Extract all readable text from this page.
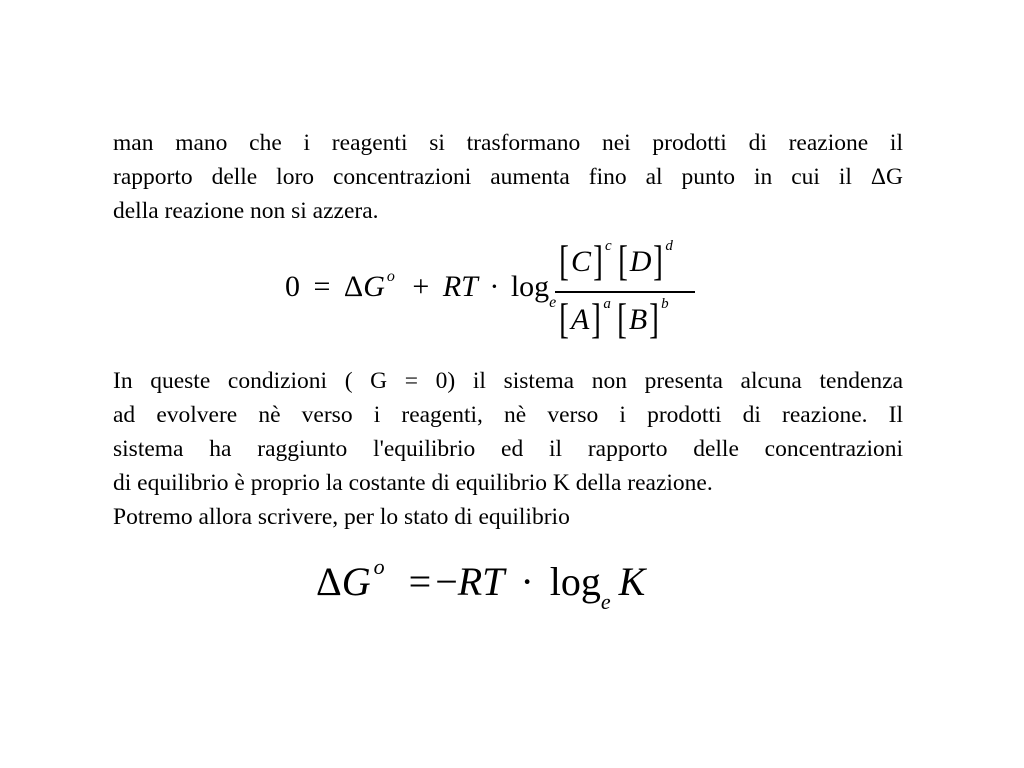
man mano che i reagenti si trasformano nei prodotti di reazione il
rapporto delle loro concentrazioni aumenta fino al punto in cui il ΔG
della reazione non si azzera.
0 = ΔG o + RT · loge
[C] c [D] d
[A] a [B] b
In queste condizioni ( G = 0) il sistema non presenta alcuna tendenza
ad evolvere nè verso i reagenti, nè verso i prodotti di reazione. Il
sistema ha raggiunto l'equilibrio ed il rapporto delle concentrazioni
di equilibrio è proprio la costante di equilibrio K della reazione.
Potremo allora scrivere, per lo stato di equilibrio
ΔG o = −RT · loge K
